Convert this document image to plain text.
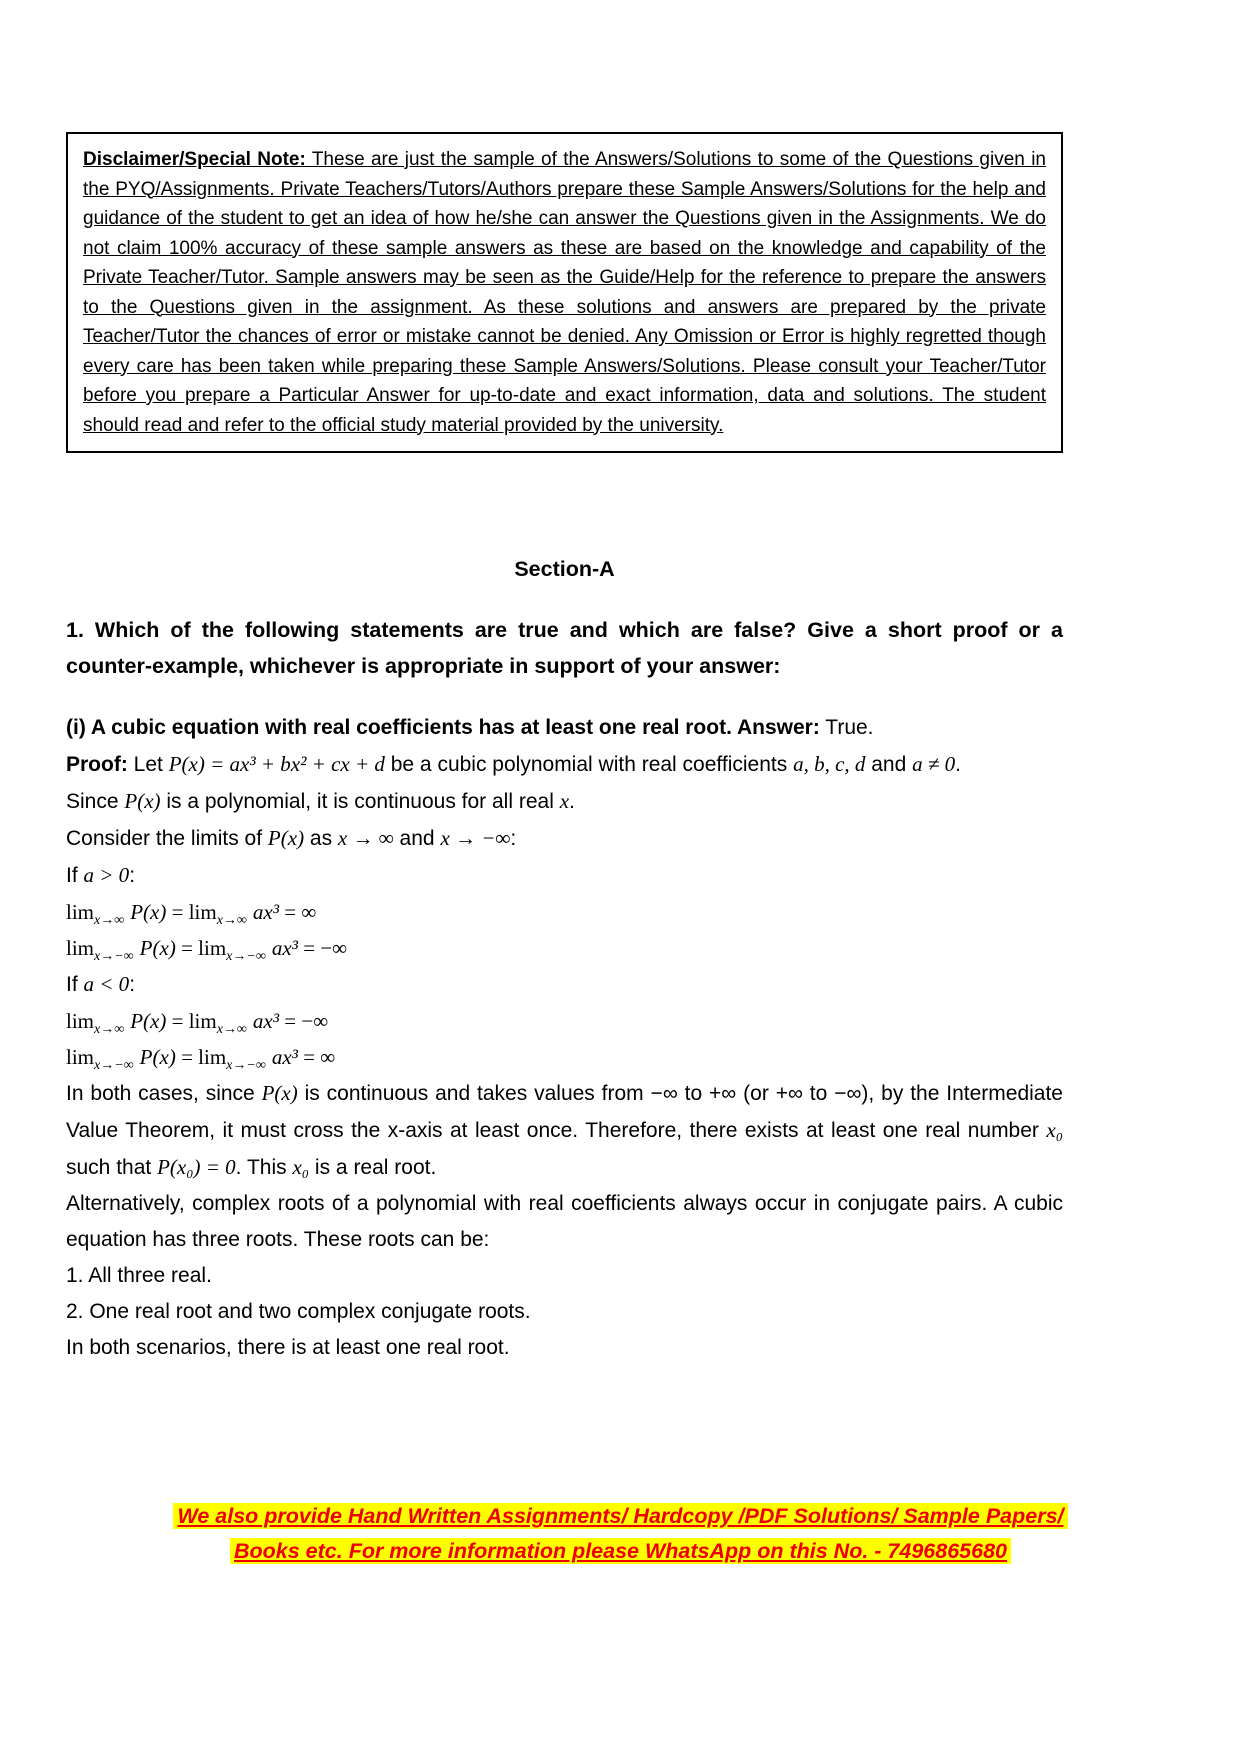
Disclaimer/Special Note: These are just the sample of the Answers/Solutions to some of the Questions given in the PYQ/Assignments. Private Teachers/Tutors/Authors prepare these Sample Answers/Solutions for the help and guidance of the student to get an idea of how he/she can answer the Questions given in the Assignments. We do not claim 100% accuracy of these sample answers as these are based on the knowledge and capability of the Private Teacher/Tutor. Sample answers may be seen as the Guide/Help for the reference to prepare the answers to the Questions given in the assignment. As these solutions and answers are prepared by the private Teacher/Tutor the chances of error or mistake cannot be denied. Any Omission or Error is highly regretted though every care has been taken while preparing these Sample Answers/Solutions. Please consult your Teacher/Tutor before you prepare a Particular Answer for up-to-date and exact information, data and solutions. The student should read and refer to the official study material provided by the university.

Section-A

1. Which of the following statements are true and which are false? Give a short proof or a counter-example, whichever is appropriate in support of your answer:

(i) A cubic equation with real coefficients has at least one real root. Answer: True.

Proof: Let P(x) = ax³ + bx² + cx + d be a cubic polynomial with real coefficients a, b, c, d and a ≠ 0.

Since P(x) is a polynomial, it is continuous for all real x.

Consider the limits of P(x) as x → ∞ and x → −∞:

If a > 0:

$\lim_{x\to\infty} P(x) = \lim_{x\to\infty} ax^3$ = ∞
$\lim_{x\to-\infty} P(x) = \lim_{x\to-\infty} ax^3$ = −∞

If a < 0:

$\lim_{x\to\infty} P(x) = \lim_{x\to\infty} ax^3$ = −∞
$\lim_{x\to-\infty} P(x) = \lim_{x\to-\infty} ax^3$ = ∞

In both cases, since P(x) is continuous and takes values from −∞ to +∞ (or +∞ to −∞), by the Intermediate Value Theorem, it must cross the x-axis at least once. Therefore, there exists at least one real number x₀ such that P(x₀) = 0. This x₀ is a real root.

Alternatively, complex roots of a polynomial with real coefficients always occur in conjugate pairs. A cubic equation has three roots. These roots can be:

1. All three real.

2. One real root and two complex conjugate roots.

In both scenarios, there is at least one real root.

We also provide Hand Written Assignments/ Hardcopy /PDF Solutions/ Sample Papers/
Books etc. For more information please WhatsApp on this No. - 7496865680
